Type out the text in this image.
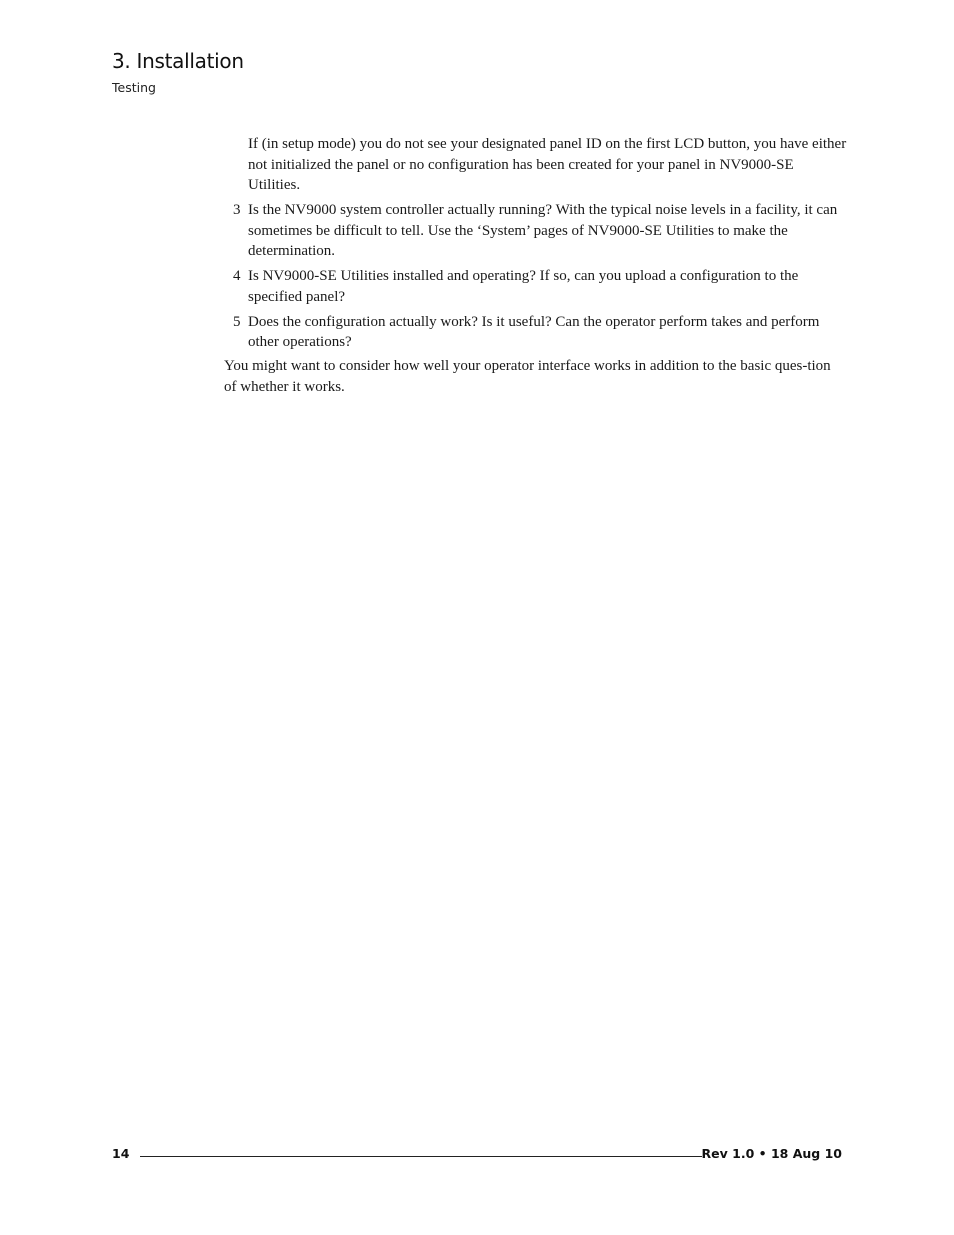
3. Installation
Testing

If (in setup mode) you do not see your designated panel ID on the first LCD button, you have either not initialized the panel or no configuration has been created for your panel in NV9000-SE Utilities.

3 Is the NV9000 system controller actually running? With the typical noise levels in a facility, it can sometimes be difficult to tell. Use the ‘System’ pages of NV9000-SE Utilities to make the determination.
4 Is NV9000-SE Utilities installed and operating? If so, can you upload a configuration to the specified panel?
5 Does the configuration actually work? Is it useful? Can the operator perform takes and perform other operations?

You might want to consider how well your operator interface works in addition to the basic ques-tion of whether it works.

14	Rev 1.0 • 18 Aug 10
